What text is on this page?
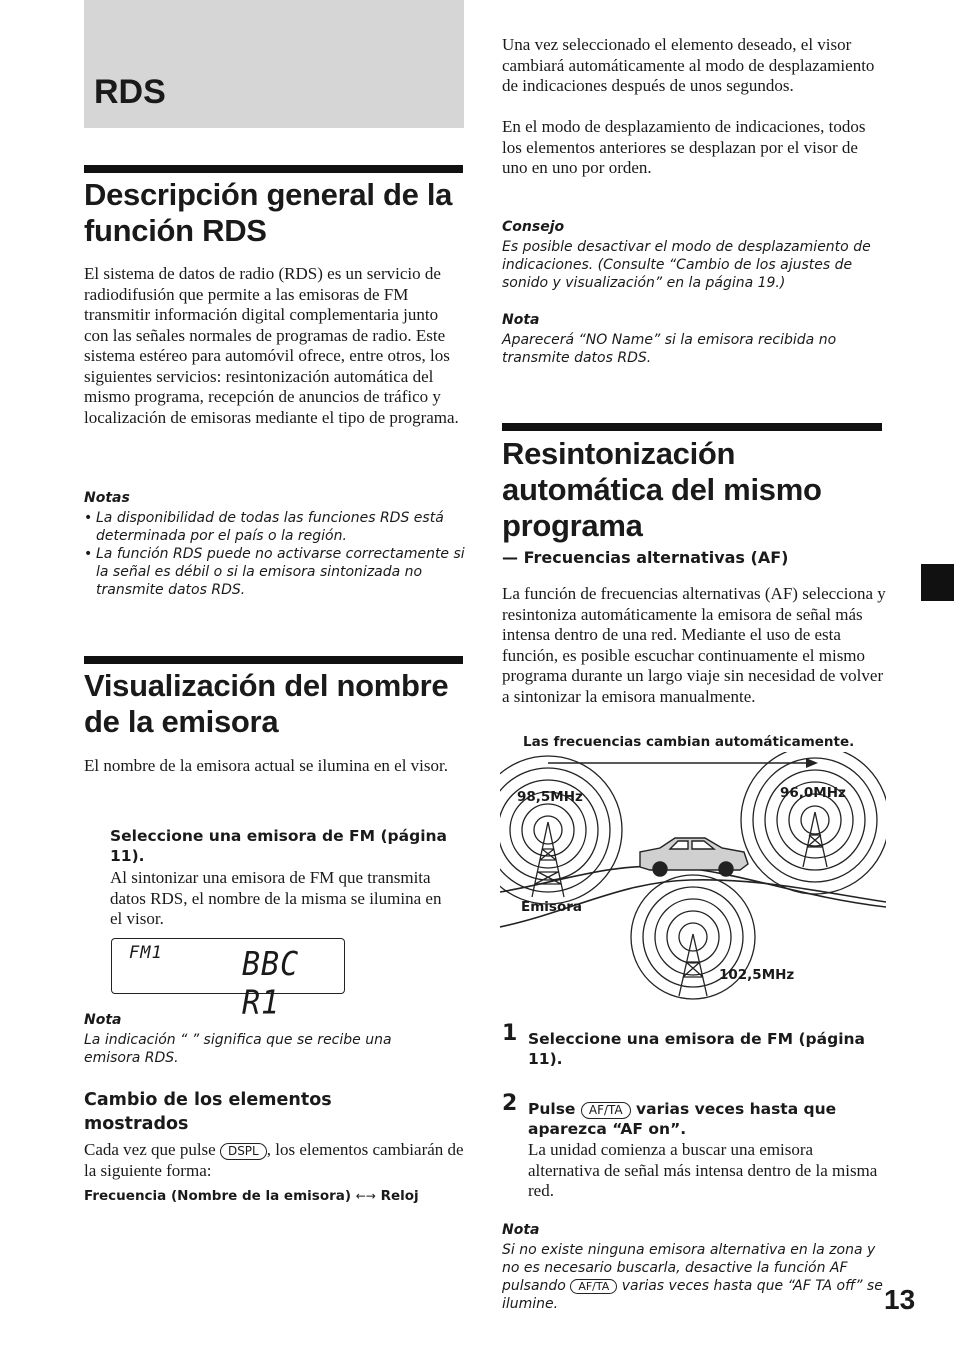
RDS
Descripción general de la función RDS
El sistema de datos de radio (RDS) es un servicio de radiodifusión que permite a las emisoras de FM transmitir información digital complementaria junto con las señales normales de programas de radio. Este sistema estéreo para automóvil ofrece, entre otros, los siguientes servicios: resintonización automática del mismo programa, recepción de anuncios de tráfico y localización de emisoras mediante el tipo de programa.
Notas
• La disponibilidad de todas las funciones RDS está determinada por el país o la región.
• La función RDS puede no activarse correctamente si la señal es débil o si la emisora sintonizada no transmite datos RDS.
Visualización del nombre de la emisora
El nombre de la emisora actual se ilumina en el visor.
Seleccione una emisora de FM (página 11).
Al sintonizar una emisora de FM que transmita datos RDS, el nombre de la misma se ilumina en el visor.
FM1	BBC R1
Nota
La indicación “ ” significa que se recibe una emisora RDS.
Cambio de los elementos mostrados
Cada vez que pulse DSPL , los elementos cambiarán de la siguiente forma:
Frecuencia (Nombre de la emisora) ←→ Reloj
Una vez seleccionado el elemento deseado, el visor cambiará automáticamente al modo de desplazamiento de indicaciones después de unos segundos.
En el modo de desplazamiento de indicaciones, todos los elementos anteriores se desplazan por el visor de uno en uno por orden.
Consejo
Es posible desactivar el modo de desplazamiento de indicaciones. (Consulte “Cambio de los ajustes de sonido y visualización” en la página 19.)
Nota
Aparecerá “NO Name” si la emisora recibida no transmite datos RDS.
Resintonización automática del mismo programa
— Frecuencias alternativas (AF)
La función de frecuencias alternativas (AF) selecciona y resintoniza automáticamente la emisora de señal más intensa dentro de una red. Mediante el uso de esta función, es posible escuchar continuamente el mismo programa durante un largo viaje sin necesidad de volver a sintonizar la emisora manualmente.
Las frecuencias cambian automáticamente.
98,5MHz	96,0MHz
Emisora
102,5MHz
1 Seleccione una emisora de FM (página 11).
2 Pulse AF/TA varias veces hasta que aparezca “AF on”.
La unidad comienza a buscar una emisora alternativa de señal más intensa dentro de la misma red.
Nota
Si no existe ninguna emisora alternativa en la zona y no es necesario buscarla, desactive la función AF pulsando AF/TA varias veces hasta que “AF TA off” se ilumine.	13
